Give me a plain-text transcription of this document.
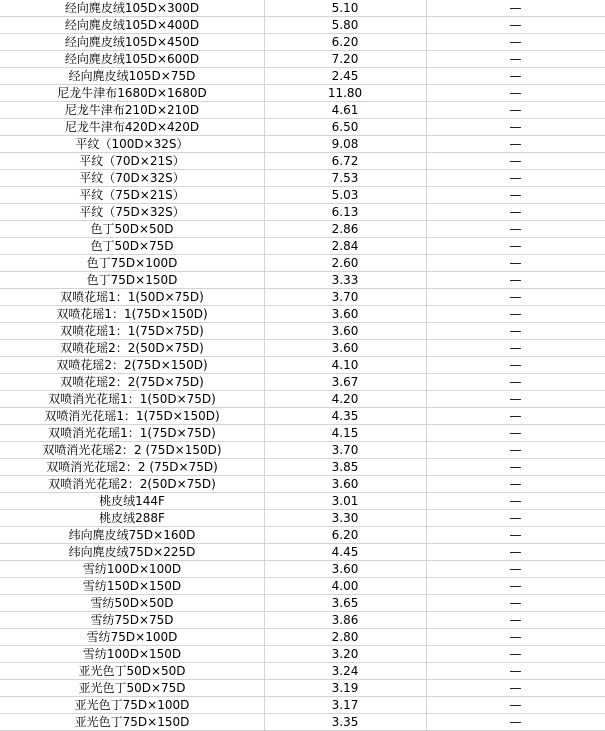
经向麂皮绒105D×300D	5.10	—
经向麂皮绒105D×400D	5.80	—
经向麂皮绒105D×450D	6.20	—
经向麂皮绒105D×600D	7.20	—
经向麂皮绒105D×75D	2.45	—
尼龙牛津布1680D×1680D	11.80	—
尼龙牛津布210D×210D	4.61	—
尼龙牛津布420D×420D	6.50	—
平纹（100D×32S）	9.08	—
平纹（70D×21S）	6.72	—
平纹（70D×32S）	7.53	—
平纹（75D×21S）	5.03	—
平纹（75D×32S）	6.13	—
色丁50D×50D	2.86	—
色丁50D×75D	2.84	—
色丁75D×100D	2.60	—
色丁75D×150D	3.33	—
双喷花瑶1：1(50D×75D)	3.70	—
双喷花瑶1：1(75D×150D)	3.60	—
双喷花瑶1：1(75D×75D)	3.60	—
双喷花瑶2：2(50D×75D)	3.60	—
双喷花瑶2：2(75D×150D)	4.10	—
双喷花瑶2：2(75D×75D)	3.67	—
双喷消光花瑶1：1(50D×75D)	4.20	—
双喷消光花瑶1：1(75D×150D)	4.35	—
双喷消光花瑶1：1(75D×75D)	4.15	—
双喷消光花瑶2：2 (75D×150D)	3.70	—
双喷消光花瑶2：2 (75D×75D)	3.85	—
双喷消光花瑶2：2(50D×75D)	3.60	—
桃皮绒144F	3.01	—
桃皮绒288F	3.30	—
纬向麂皮绒75D×160D	6.20	—
纬向麂皮绒75D×225D	4.45	—
雪纺100D×100D	3.60	—
雪纺150D×150D	4.00	—
雪纺50D×50D	3.65	—
雪纺75D×75D	3.86	—
雪纺75D×100D	2.80	—
雪纺100D×150D	3.20	—
亚光色丁50D×50D	3.24	—
亚光色丁50D×75D	3.19	—
亚光色丁75D×100D	3.17	—
亚光色丁75D×150D	3.35	—
